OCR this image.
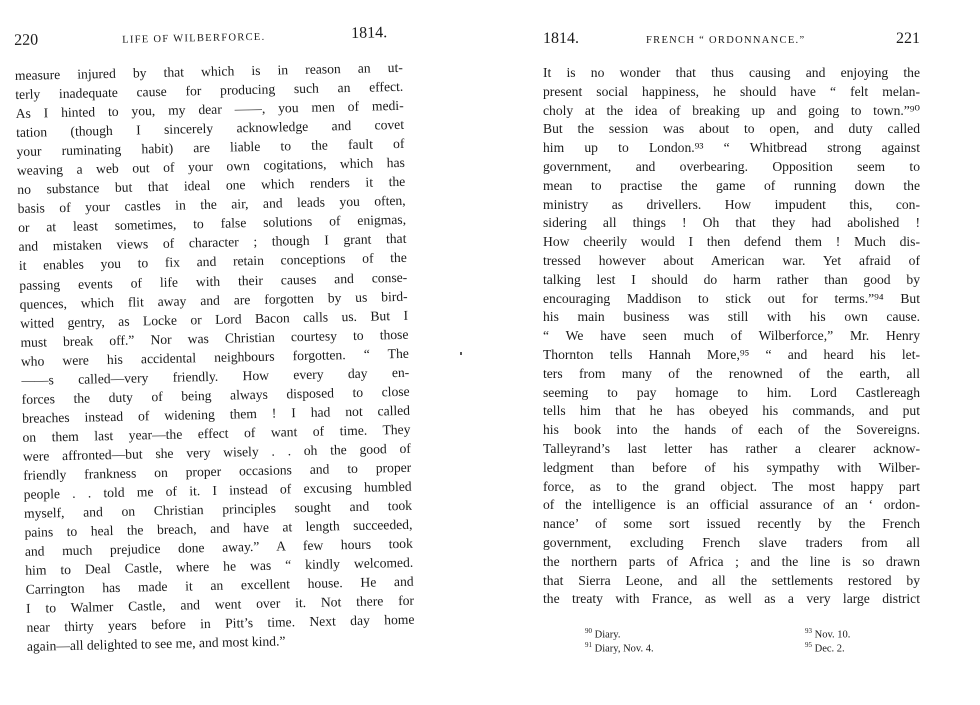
220	LIFE OF WILBERFORCE.	1814.
measure injured by that which is in reason an ut-
terly inadequate cause for producing such an effect.
As I hinted to you, my dear ——, you men of medi-
tation (though I sincerely acknowledge and covet
your ruminating habit) are liable to the fault of
weaving a web out of your own cogitations, which has
no substance but that ideal one which renders it the
basis of your castles in the air, and leads you often,
or at least sometimes, to false solutions of enigmas,
and mistaken views of character ; though I grant that
it enables you to fix and retain conceptions of the
passing events of life with their causes and conse-
quences, which flit away and are forgotten by us bird-
witted gentry, as Locke or Lord Bacon calls us. But I
must break off.” Nor was Christian courtesy to those
who were his accidental neighbours forgotten. “ The
——s called—very friendly. How every day en-
forces the duty of being always disposed to close
breaches instead of widening them ! I had not called
on them last year—the effect of want of time. They
were affronted—but she very wisely . . oh the good of
friendly frankness on proper occasions and to proper
people . . told me of it. I instead of excusing humbled
myself, and on Christian principles sought and took
pains to heal the breach, and have at length succeeded,
and much prejudice done away.” A few hours took
him to Deal Castle, where he was “ kindly welcomed.
Carrington has made it an excellent house. He and
I to Walmer Castle, and went over it. Not there for
near thirty years before in Pitt’s time. Next day home
again—all delighted to see me, and most kind.”
1814.	FRENCH “ ORDONNANCE.”	221
It is no wonder that thus causing and enjoying the
present social happiness, he should have “ felt melan-
choly at the idea of breaking up and going to town.”⁹⁰
But the session was about to open, and duty called
him up to London.⁹³ “ Whitbread strong against
government, and overbearing. Opposition seem to
mean to practise the game of running down the
ministry as drivellers. How impudent this, con-
sidering all things ! Oh that they had abolished !
How cheerily would I then defend them ! Much dis-
tressed however about American war. Yet afraid of
talking lest I should do harm rather than good by
encouraging Maddison to stick out for terms.”⁹⁴ But
his main business was still with his own cause.
“ We have seen much of Wilberforce,” Mr. Henry
Thornton tells Hannah More,⁹⁵ “ and heard his let-
ters from many of the renowned of the earth, all
seeming to pay homage to him. Lord Castlereagh
tells him that he has obeyed his commands, and put
his book into the hands of each of the Sovereigns.
Talleyrand’s last letter has rather a clearer acknow-
ledgment than before of his sympathy with Wilber-
force, as to the grand object. The most happy part
of the intelligence is an official assurance of an ‘ ordon-
nance’ of some sort issued recently by the French
government, excluding French slave traders from all
the northern parts of Africa ; and the line is so drawn
that Sierra Leone, and all the settlements restored by
the treaty with France, as well as a very large district
$^{90}$ Diary.
$^{91}$ Diary, Nov. 4.
$^{93}$ Nov. 10.
$^{95}$ Dec. 2.
